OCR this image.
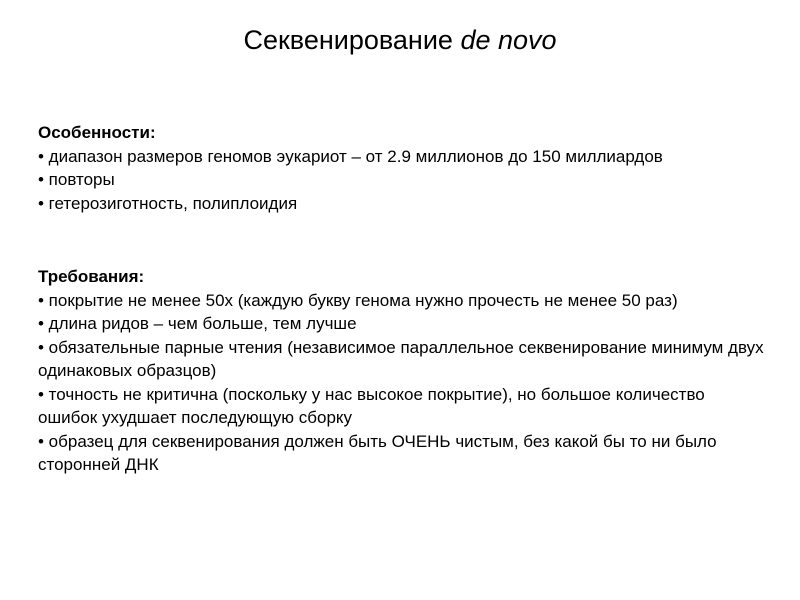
Секвенирование de novo
Особенности:
• диапазон размеров геномов эукариот – от 2.9 миллионов до 150 миллиардов
• повторы
• гетерозиготность, полиплоидия
Требования:
• покрытие не менее 50х (каждую букву генома нужно прочесть не менее 50 раз)
• длина ридов – чем больше, тем лучше
• обязательные парные чтения (независимое параллельное секвенирование минимум двух одинаковых образцов)
• точность не критична (поскольку у нас высокое покрытие), но большое количество ошибок ухудшает последующую сборку
• образец для секвенирования должен быть ОЧЕНЬ чистым, без какой бы то ни было сторонней ДНК
